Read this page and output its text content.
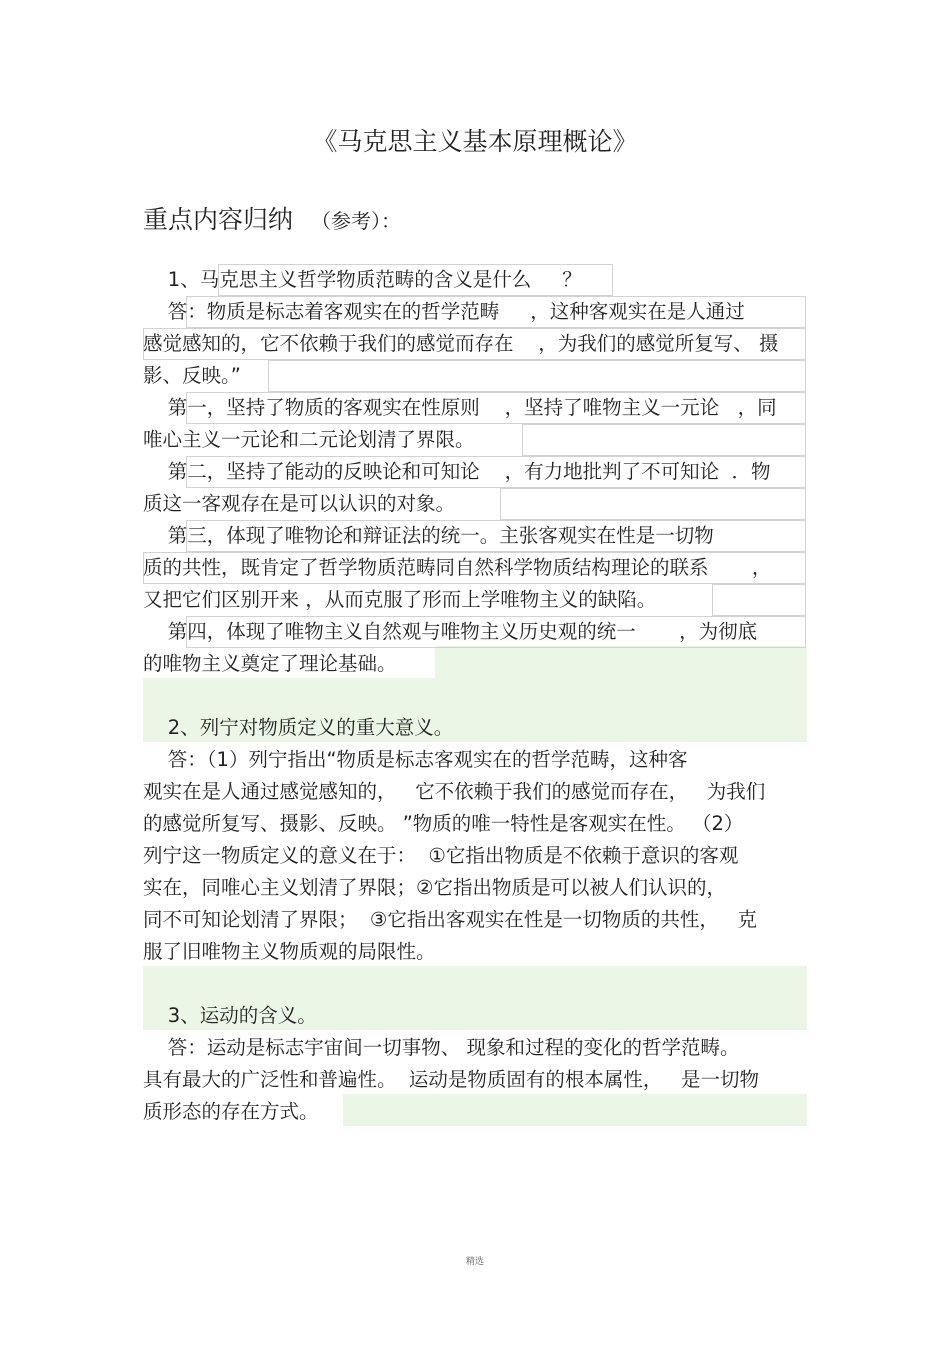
《马克思主义基本原理概论》
重点内容归纳 （参考）：
1、马克思主义哲学物质范畴的含义是什么     ？
答：物质是标志着客观实在的哲学范畴     ，这种客观实在是人通过
感觉感知的，它不依赖于我们的感觉而存在    ，为我们的感觉所复写、 摄
影、反映。”
第一，坚持了物质的客观实在性原则    ，坚持了唯物主义一元论   ，同
唯心主义一元论和二元论划清了界限。
第二，坚持了能动的反映论和可知论    ，有力地批判了不可知论  ．物
质这一客观存在是可以认识的对象。
第三，体现了唯物论和辩证法的统一。主张客观实在性是一切物
质的共性，既肯定了哲学物质范畴同自然科学物质结构理论的联系       ，
又把它们区别开来 ，从而克服了形而上学唯物主义的缺陷。
第四，体现了唯物主义自然观与唯物主义历史观的统一       ，为彻底
的唯物主义奠定了理论基础。
2、列宁对物质定义的重大意义。
答：（1）列宁指出“物质是标志客观实在的哲学范畴，这种客
观实在是人通过感觉感知的，   它不依赖于我们的感觉而存在，   为我们
的感觉所复写、摄影、反映。 ”物质的唯一特性是客观实在性。 （2）
列宁这一物质定义的意义在于：  ①它指出物质是不依赖于意识的客观
实在，同唯心主义划清了界限；②它指出物质是可以被人们认识的，
同不可知论划清了界限；  ③它指出客观实在性是一切物质的共性，   克
服了旧唯物主义物质观的局限性。
3、运动的含义。
答：运动是标志宇宙间一切事物、 现象和过程的变化的哲学范畴。
具有最大的广泛性和普遍性。  运动是物质固有的根本属性，   是一切物
质形态的存在方式。
精选
